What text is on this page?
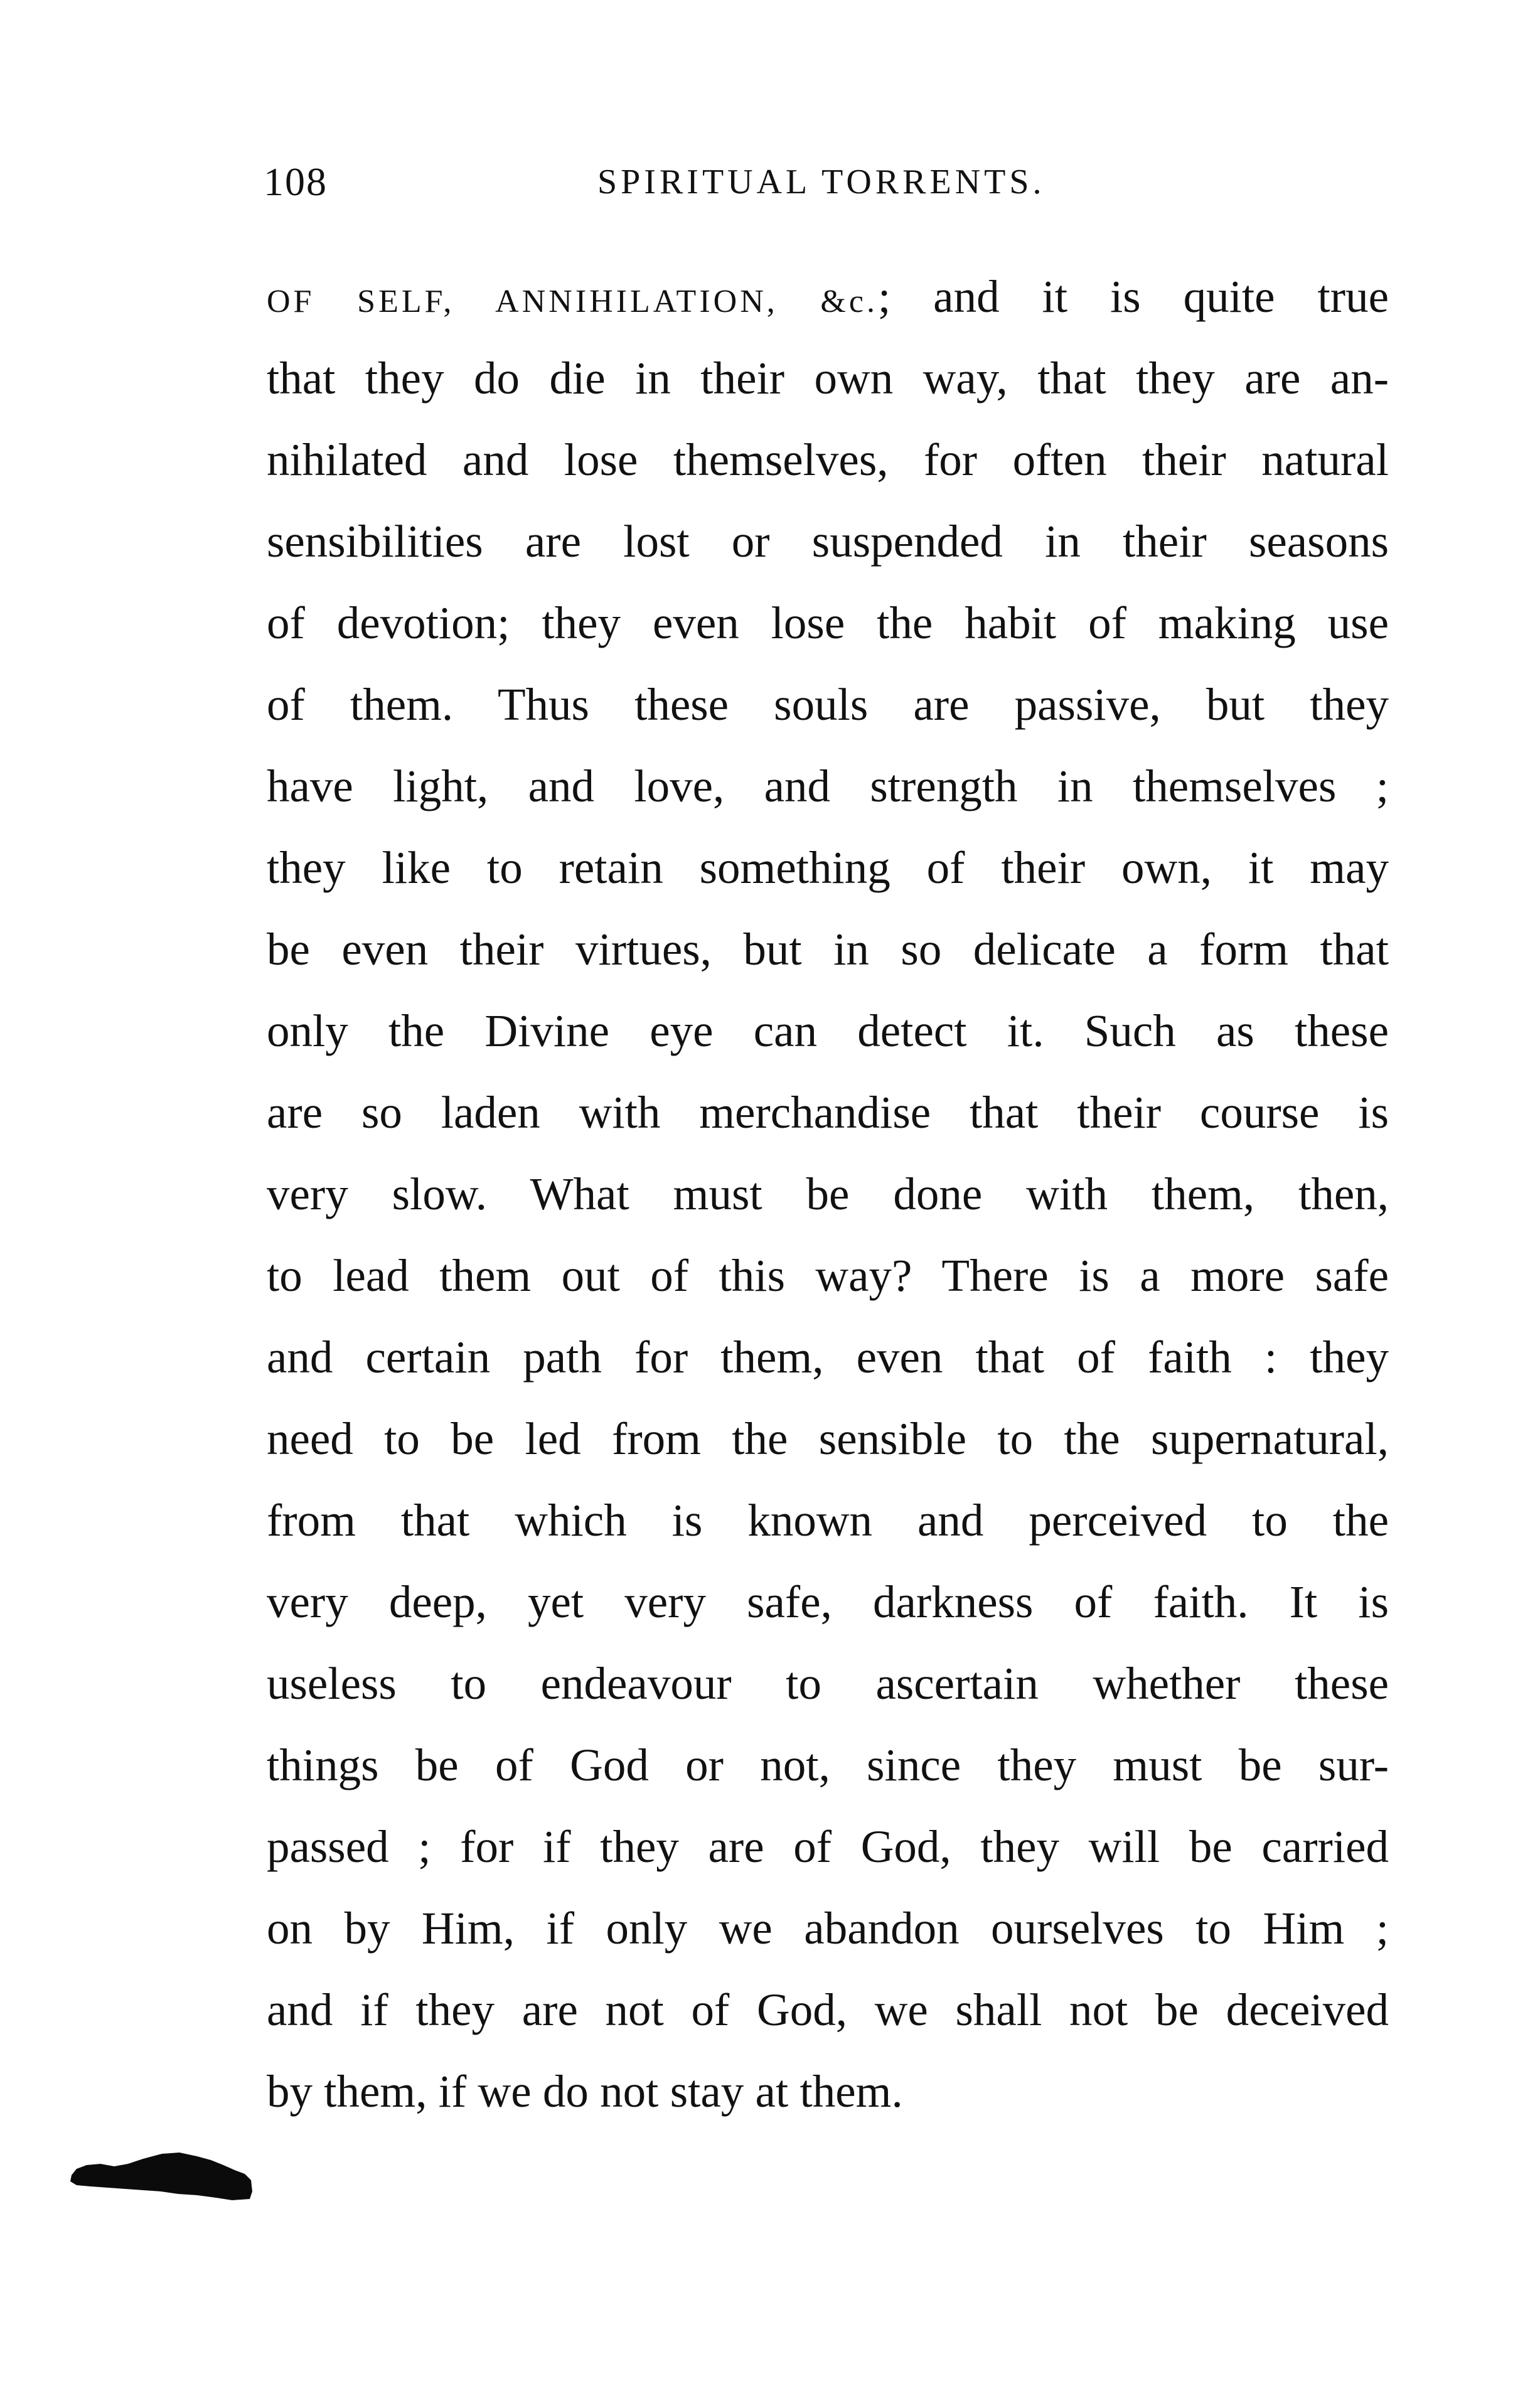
108	SPIRITUAL TORRENTS.
OF SELF, ANNIHILATION, &c.; and it is quite true
that they do die in their own way, that they are an-
nihilated and lose themselves, for often their natural
sensibilities are lost or suspended in their seasons
of devotion; they even lose the habit of making use
of them. Thus these souls are passive, but they
have light, and love, and strength in themselves ;
they like to retain something of their own, it may
be even their virtues, but in so delicate a form that
only the Divine eye can detect it. Such as these
are so laden with merchandise that their course is
very slow. What must be done with them, then,
to lead them out of this way? There is a more safe
and certain path for them, even that of faith : they
need to be led from the sensible to the supernatural,
from that which is known and perceived to the
very deep, yet very safe, darkness of faith. It is
useless to endeavour to ascertain whether these
things be of God or not, since they must be sur-
passed ; for if they are of God, they will be carried
on by Him, if only we abandon ourselves to Him ;
and if they are not of God, we shall not be deceived
by them, if we do not stay at them.
